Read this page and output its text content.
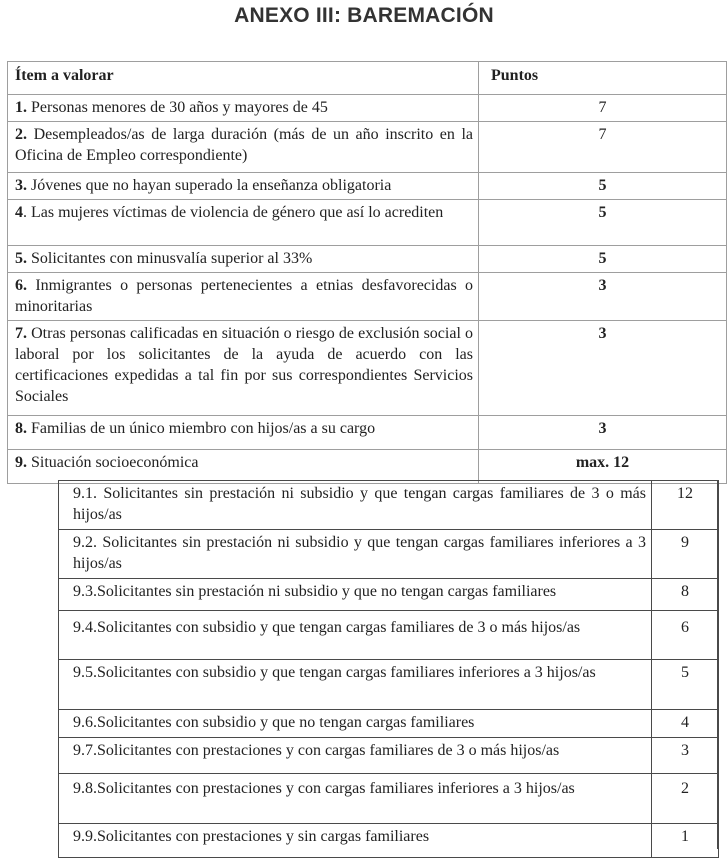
ANEXO III: BAREMACIÓN
Ítem a valorar	Puntos
1. Personas menores de 30 años y mayores de 45	7
2. Desempleados/as de larga duración (más de un año inscrito en la Oficina de Empleo correspondiente)	7
3. Jóvenes que no hayan superado la enseñanza obligatoria	5
4. Las mujeres víctimas de violencia de género que así lo acrediten	5
5. Solicitantes con minusvalía superior al 33%	5
6. Inmigrantes o personas pertenecientes a etnias desfavorecidas o minoritarias	3
7. Otras personas calificadas en situación o riesgo de exclusión social o laboral por los solicitantes de la ayuda de acuerdo con las certificaciones expedidas a tal fin por sus correspondientes Servicios Sociales	3
8. Familias de un único miembro con hijos/as a su cargo	3
9. Situación socioeconómica	max. 12
9.1. Solicitantes sin prestación ni subsidio y que tengan cargas familiares de 3 o más hijos/as	12
9.2. Solicitantes sin prestación ni subsidio y que tengan cargas familiares inferiores a 3 hijos/as	9
9.3.Solicitantes sin prestación ni subsidio y que no tengan cargas familiares	8
9.4.Solicitantes con subsidio y que tengan cargas familiares de 3 o más hijos/as	6
9.5.Solicitantes con subsidio y que tengan cargas familiares inferiores a 3 hijos/as	5
9.6.Solicitantes con subsidio y que no tengan cargas familiares	4
9.7.Solicitantes con prestaciones y con cargas familiares de 3 o más hijos/as	3
9.8.Solicitantes con prestaciones y con cargas familiares inferiores a 3 hijos/as	2
9.9.Solicitantes con prestaciones y sin cargas familiares	1
